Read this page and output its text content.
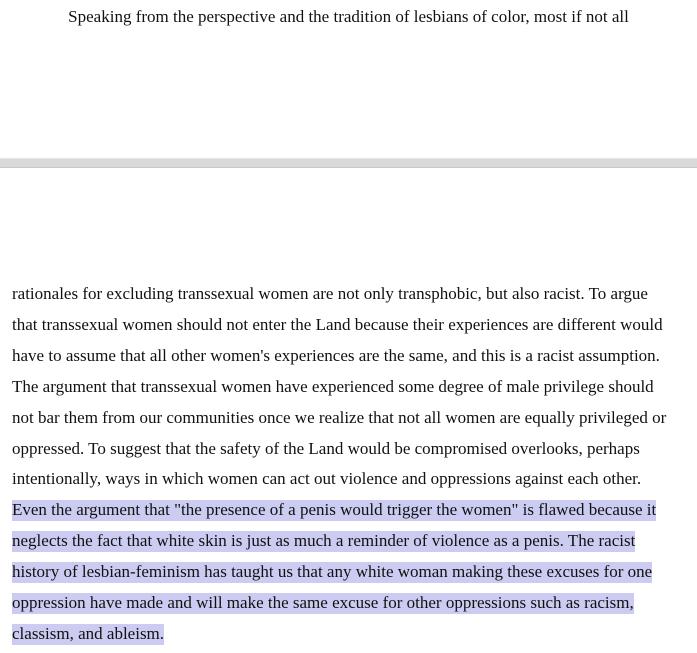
Speaking from the perspective and the tradition of lesbians of color, most if not all
rationales for excluding transsexual women are not only transphobic, but also racist. To argue
that transsexual women should not enter the Land because their experiences are different would
have to assume that all other women's experiences are the same, and this is a racist assumption.
The argument that transsexual women have experienced some degree of male privilege should
not bar them from our communities once we realize that not all women are equally privileged or
oppressed. To suggest that the safety of the Land would be compromised overlooks, perhaps
intentionally, ways in which women can act out violence and oppressions against each other.
Even the argument that "the presence of a penis would trigger the women" is flawed because it
neglects the fact that white skin is just as much a reminder of violence as a penis. The racist
history of lesbian-feminism has taught us that any white woman making these excuses for one
oppression have made and will make the same excuse for other oppressions such as racism,
classism, and ableism.
